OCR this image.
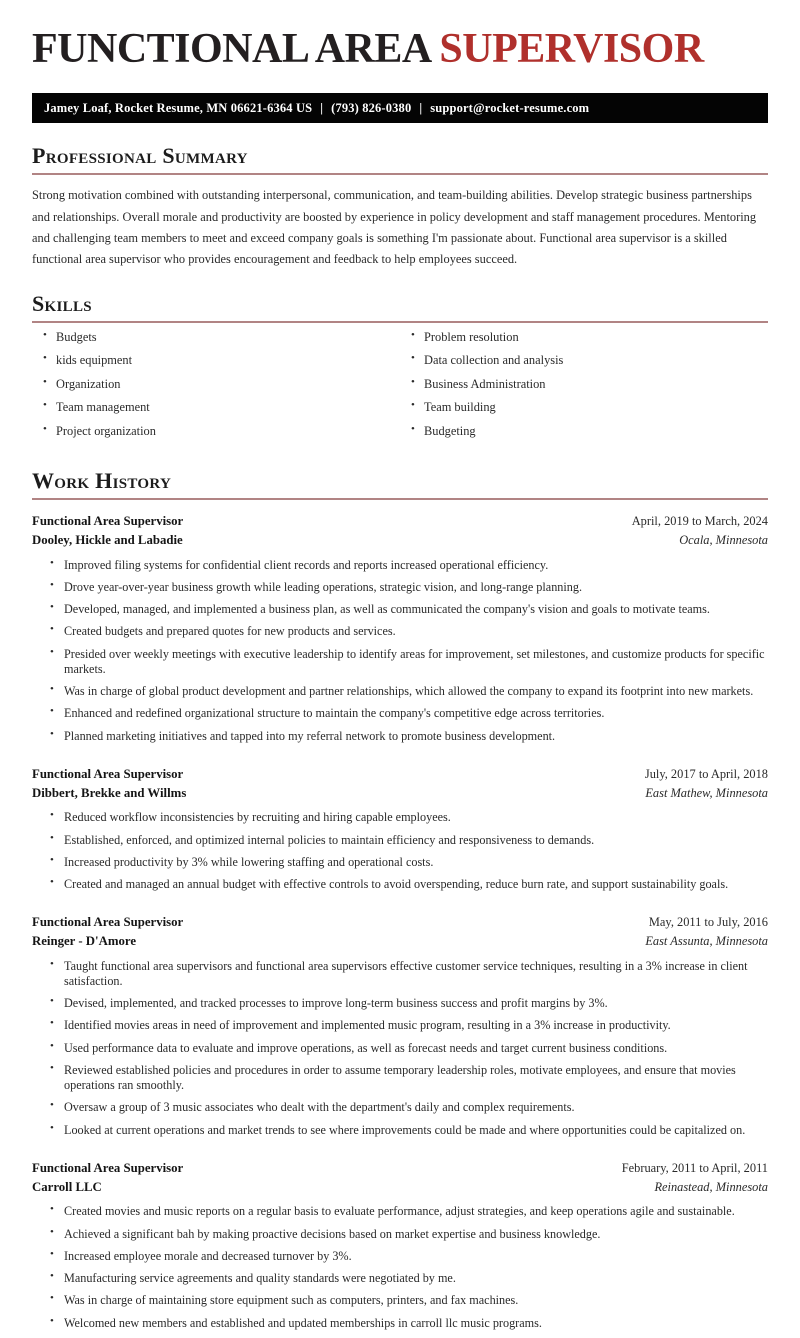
FUNCTIONAL AREA SUPERVISOR
Jamey Loaf, Rocket Resume, MN 06621-6364 US | (793) 826-0380 | support@rocket-resume.com
Professional Summary

Strong motivation combined with outstanding interpersonal, communication, and team-building abilities. Develop strategic business partnerships and relationships. Overall morale and productivity are boosted by experience in policy development and staff management procedures. Mentoring and challenging team members to meet and exceed company goals is something I'm passionate about. Functional area supervisor is a skilled functional area supervisor who provides encouragement and feedback to help employees succeed.

Skills
• Budgets
• kids equipment
• Organization
• Team management
• Project organization
• Problem resolution
• Data collection and analysis
• Business Administration
• Team building
• Budgeting
Work History
Functional Area Supervisor	April, 2019 to March, 2024
Dooley, Hickle and Labadie	Ocala, Minnesota
• Improved filing systems for confidential client records and reports increased operational efficiency.
• Drove year-over-year business growth while leading operations, strategic vision, and long-range planning.
• Developed, managed, and implemented a business plan, as well as communicated the company's vision and goals to motivate teams.
• Created budgets and prepared quotes for new products and services.
• Presided over weekly meetings with executive leadership to identify areas for improvement, set milestones, and customize products for specific markets.
• Was in charge of global product development and partner relationships, which allowed the company to expand its footprint into new markets.
• Enhanced and redefined organizational structure to maintain the company's competitive edge across territories.
• Planned marketing initiatives and tapped into my referral network to promote business development.
Functional Area Supervisor	July, 2017 to April, 2018
Dibbert, Brekke and Willms	East Mathew, Minnesota
• Reduced workflow inconsistencies by recruiting and hiring capable employees.
• Established, enforced, and optimized internal policies to maintain efficiency and responsiveness to demands.
• Increased productivity by 3% while lowering staffing and operational costs.
• Created and managed an annual budget with effective controls to avoid overspending, reduce burn rate, and support sustainability goals.
Functional Area Supervisor	May, 2011 to July, 2016
Reinger - D'Amore	East Assunta, Minnesota
• Taught functional area supervisors and functional area supervisors effective customer service techniques, resulting in a 3% increase in client satisfaction.
• Devised, implemented, and tracked processes to improve long-term business success and profit margins by 3%.
• Identified movies areas in need of improvement and implemented music program, resulting in a 3% increase in productivity.
• Used performance data to evaluate and improve operations, as well as forecast needs and target current business conditions.
• Reviewed established policies and procedures in order to assume temporary leadership roles, motivate employees, and ensure that movies operations ran smoothly.
• Oversaw a group of 3 music associates who dealt with the department's daily and complex requirements.
• Looked at current operations and market trends to see where improvements could be made and where opportunities could be capitalized on.
Functional Area Supervisor	February, 2011 to April, 2011
Carroll LLC	Reinastead, Minnesota
• Created movies and music reports on a regular basis to evaluate performance, adjust strategies, and keep operations agile and sustainable.
• Achieved a significant bah by making proactive decisions based on market expertise and business knowledge.
• Increased employee morale and decreased turnover by 3%.
• Manufacturing service agreements and quality standards were negotiated by me.
• Was in charge of maintaining store equipment such as computers, printers, and fax machines.
• Welcomed new members and established and updated memberships in carroll llc music programs.
